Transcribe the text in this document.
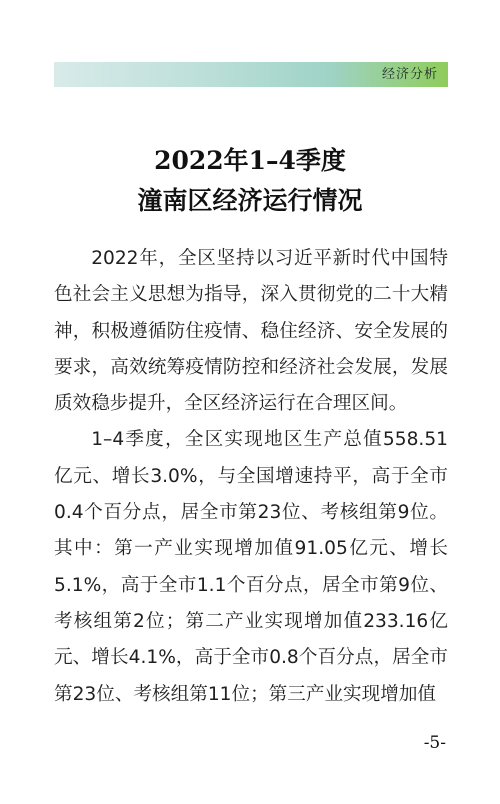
经济分析
2022年1–4季度
潼南区经济运行情况

2022年，全区坚持以习近平新时代中国特色社会主义思想为指导，深入贯彻党的二十大精神，积极遵循防住疫情、稳住经济、安全发展的要求，高效统筹疫情防控和经济社会发展，发展质效稳步提升，全区经济运行在合理区间。

1–4季度，全区实现地区生产总值558.51亿元、增长3.0%，与全国增速持平，高于全市0.4个百分点，居全市第23位、考核组第9位。其中：第一产业实现增加值91.05亿元、增长5.1%，高于全市1.1个百分点，居全市第9位、考核组第2位；第二产业实现增加值233.16亿元、增长4.1%，高于全市0.8个百分点，居全市第23位、考核组第11位；第三产业实现增加值

-5-
